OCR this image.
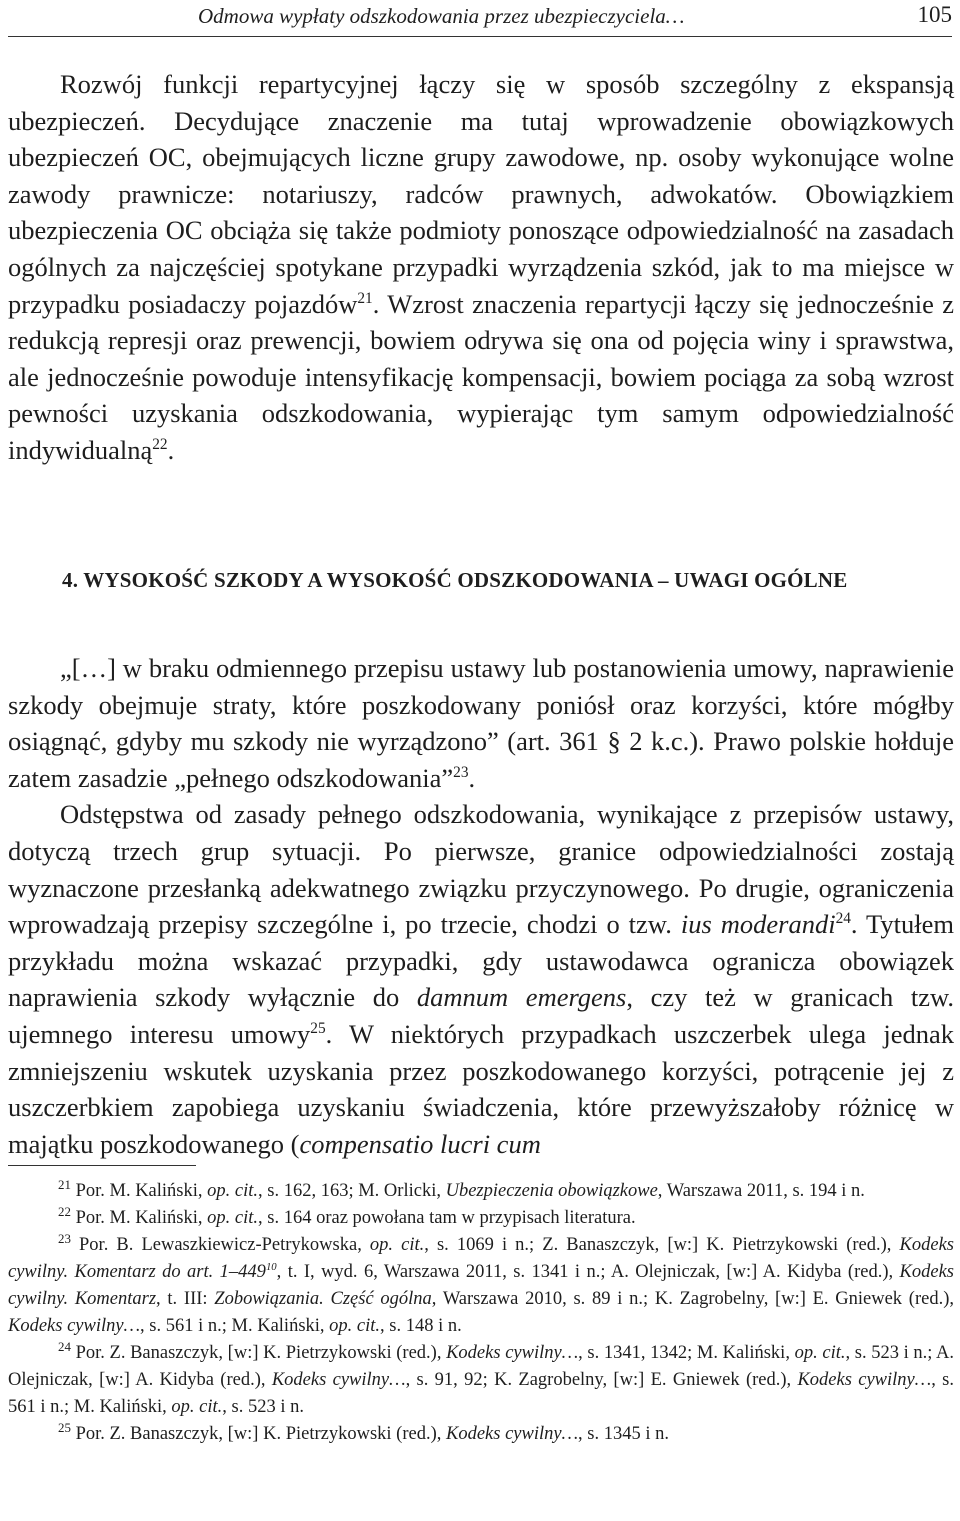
Odmowa wypłaty odszkodowania przez ubezpieczyciela…	105

Rozwój funkcji repartycyjnej łączy się w sposób szczególny z ekspansją ubezpieczeń. Decydujące znaczenie ma tutaj wprowadzenie obowiązkowych ubezpieczeń OC, obejmujących liczne grupy zawodowe, np. osoby wykonujące wolne zawody prawnicze: notariuszy, radców prawnych, adwokatów. Obowiązkiem ubezpieczenia OC obciąża się także podmioty ponoszące odpowiedzialność na zasadach ogólnych za najczęściej spotykane przypadki wyrządzenia szkód, jak to ma miejsce w przypadku posiadaczy pojazdów$^{21}$. Wzrost znaczenia repartycji łączy się jednocześnie z redukcją represji oraz prewencji, bowiem odrywa się ona od pojęcia winy i sprawstwa, ale jednocześnie powoduje intensyfikację kompensacji, bowiem pociąga za sobą wzrost pewności uzyskania odszkodowania, wypierając tym samym odpowiedzialność indywidualną$^{22}$.

4. WYSOKOŚĆ SZKODY A WYSOKOŚĆ ODSZKODOWANIA – UWAGI OGÓLNE

„[…] w braku odmiennego przepisu ustawy lub postanowienia umowy, naprawienie szkody obejmuje straty, które poszkodowany poniósł oraz korzyści, które mógłby osiągnąć, gdyby mu szkody nie wyrządzono” (art. 361 § 2 k.c.). Prawo polskie hołduje zatem zasadzie „pełnego odszkodowania”$^{23}$.

Odstępstwa od zasady pełnego odszkodowania, wynikające z przepisów ustawy, dotyczą trzech grup sytuacji. Po pierwsze, granice odpowiedzialności zostają wyznaczone przesłanką adekwatnego związku przyczynowego. Po drugie, ograniczenia wprowadzają przepisy szczególne i, po trzecie, chodzi o tzw. ius moderandi$^{24}$. Tytułem przykładu można wskazać przypadki, gdy ustawodawca ogranicza obowiązek naprawienia szkody wyłącznie do damnum emergens, czy też w granicach tzw. ujemnego interesu umowy$^{25}$. W niektórych przypadkach uszczerbek ulega jednak zmniejszeniu wskutek uzyskania przez poszkodowanego korzyści, potrącenie jej z uszczerbkiem zapobiega uzyskaniu świadczenia, które przewyższałoby różnicę w majątku poszkodowanego (compensatio lucri cum

$^{21}$ Por. M. Kaliński, op. cit., s. 162, 163; M. Orlicki, Ubezpieczenia obowiązkowe, Warszawa 2011, s. 194 i n.

$^{22}$ Por. M. Kaliński, op. cit., s. 164 oraz powołana tam w przypisach literatura.

$^{23}$ Por. B. Lewaszkiewicz-Petrykowska, op. cit., s. 1069 i n.; Z. Banaszczyk, [w:] K. Pietrzykowski (red.), Kodeks cywilny. Komentarz do art. $1-449^{10}$, t. I, wyd. 6, Warszawa 2011, s. 1341 i n.; A. Olejniczak, [w:] A. Kidyba (red.), Kodeks cywilny. Komentarz, t. III: Zobowiązania. Część ogólna, Warszawa 2010, s. 89 i n.; K. Zagrobelny, [w:] E. Gniewek (red.), Kodeks cywilny…, s. 561 i n.; M. Kaliński, op. cit., s. 148 i n.

$^{24}$ Por. Z. Banaszczyk, [w:] K. Pietrzykowski (red.), Kodeks cywilny…, s. 1341, 1342; M. Kaliński, op. cit., s. 523 i n.; A. Olejniczak, [w:] A. Kidyba (red.), Kodeks cywilny…, s. 91, 92; K. Zagrobelny, [w:] E. Gniewek (red.), Kodeks cywilny…, s. 561 i n.; M. Kaliński, op. cit., s. 523 i n.

$^{25}$ Por. Z. Banaszczyk, [w:] K. Pietrzykowski (red.), Kodeks cywilny…, s. 1345 i n.
